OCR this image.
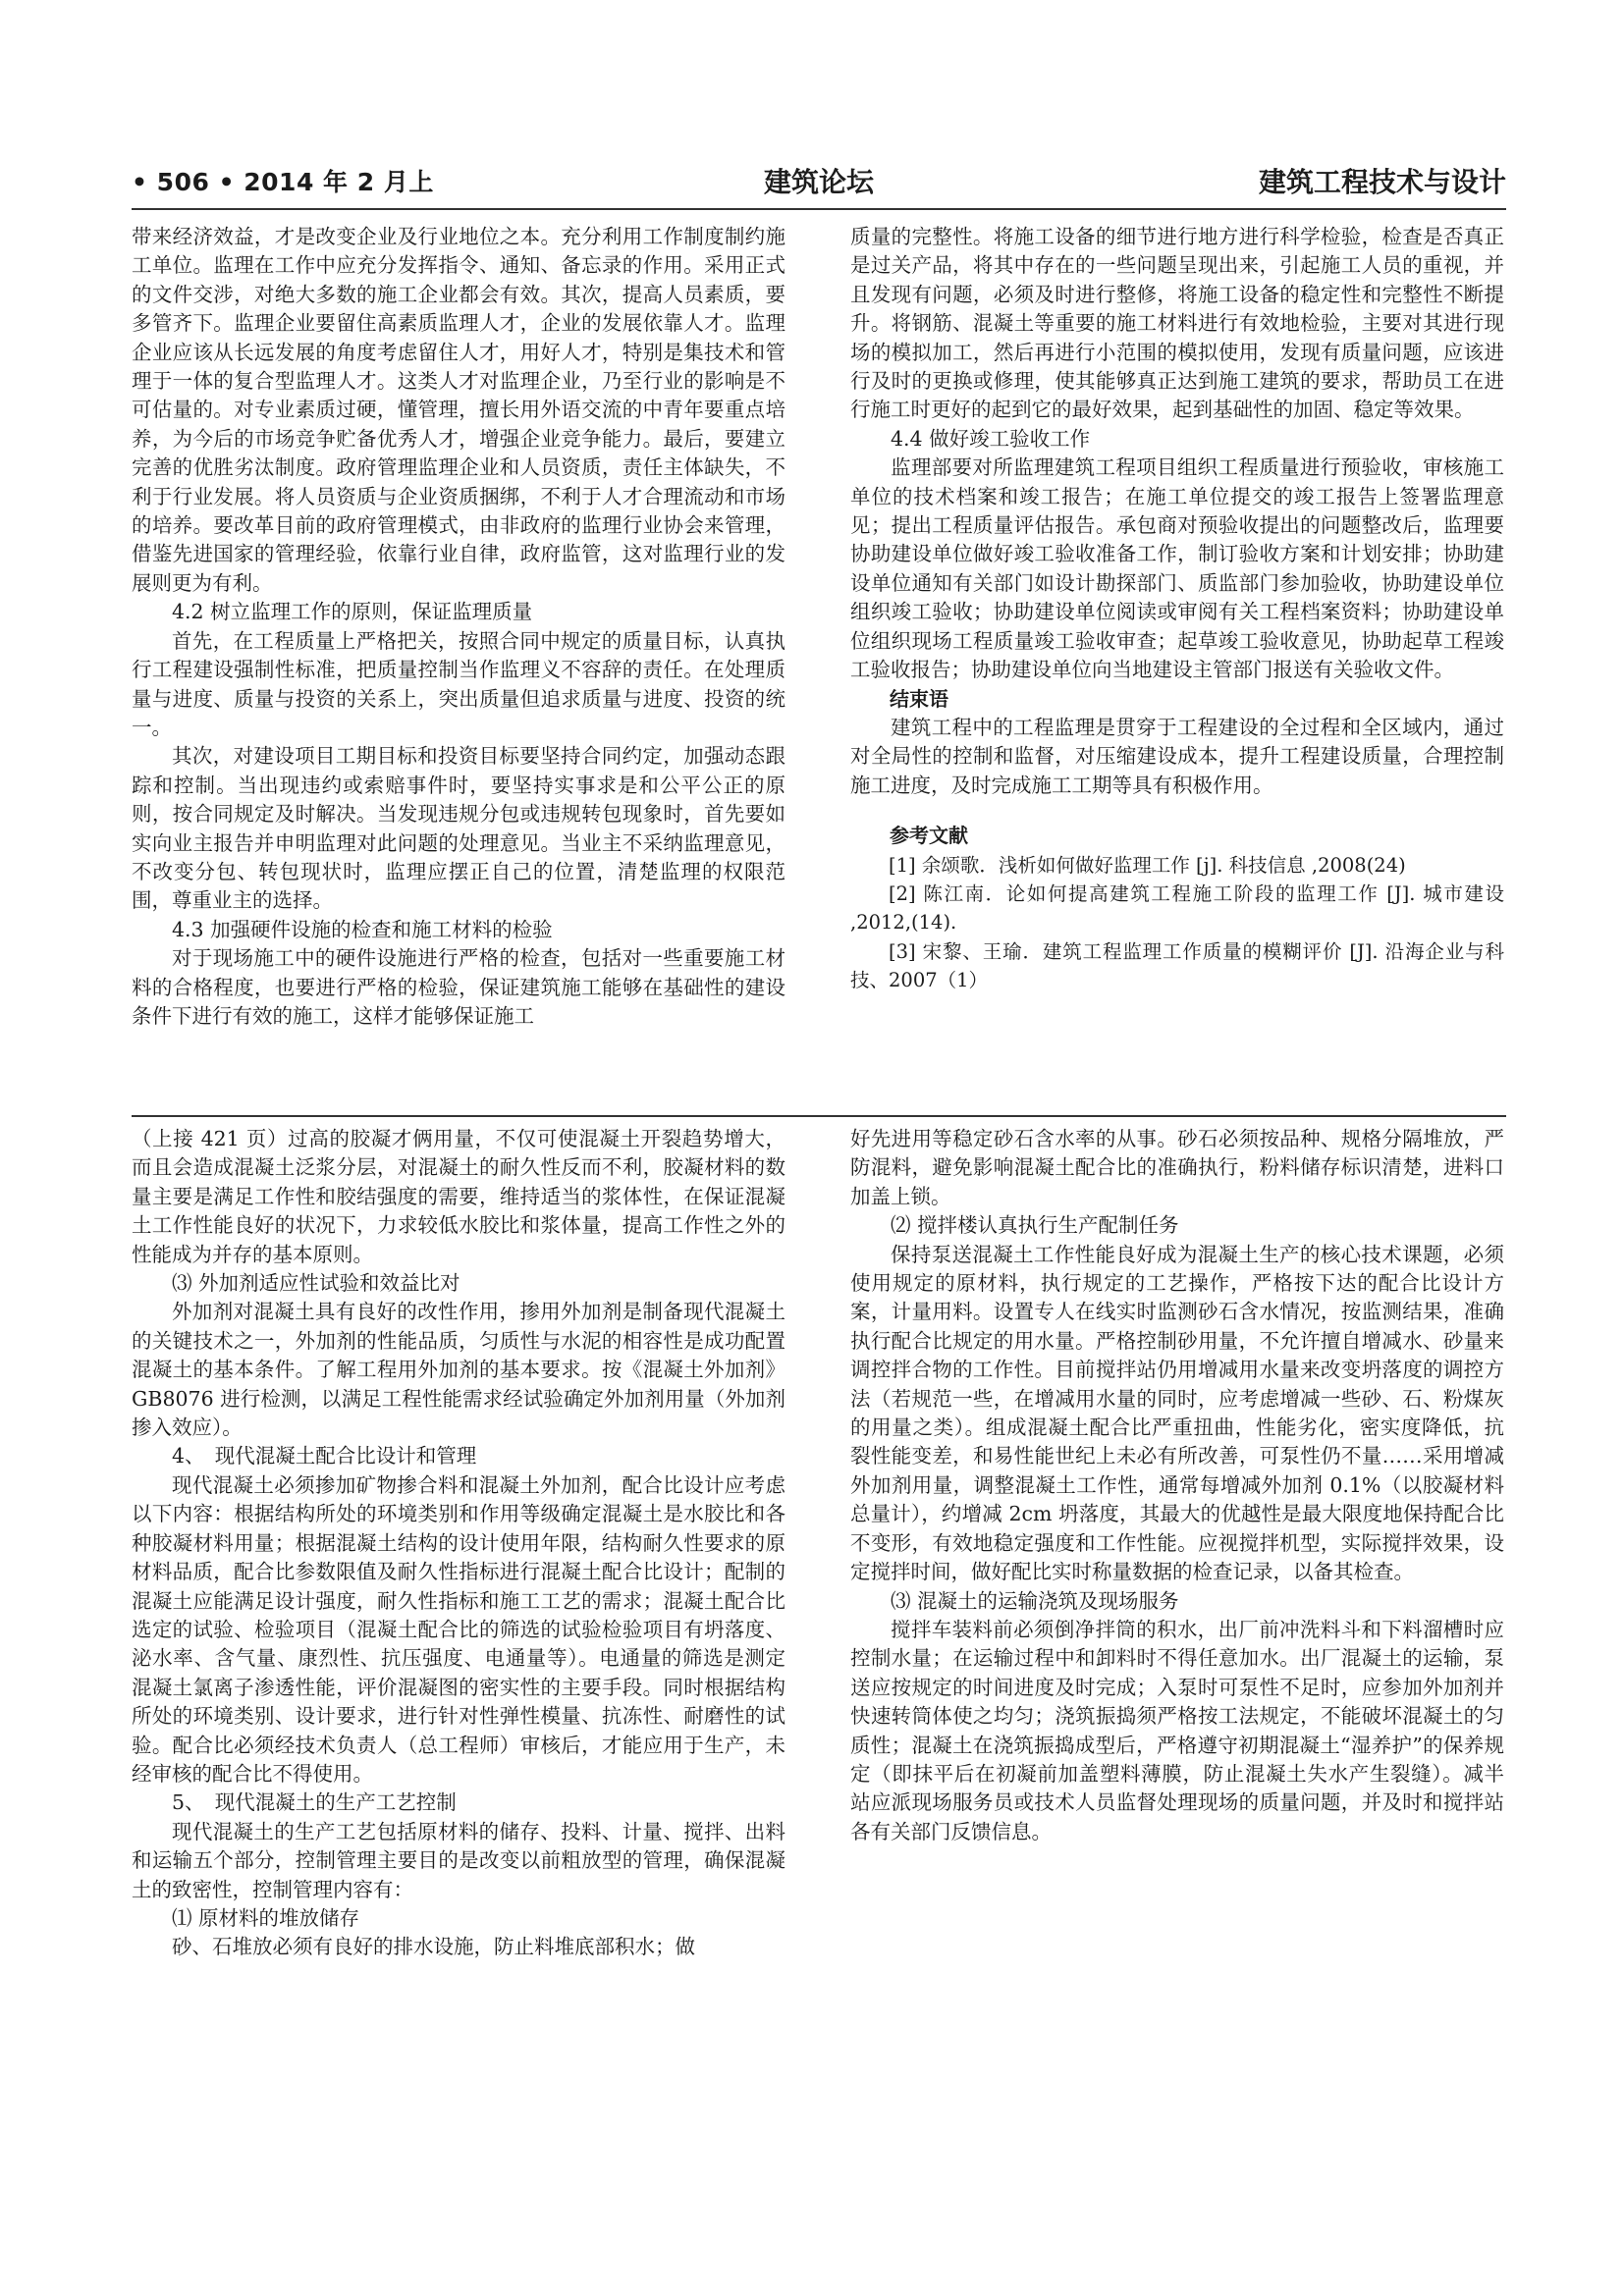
• 506 • 2014 年 2 月上	建筑论坛	建筑工程技术与设计

带来经济效益，才是改变企业及行业地位之本。充分利用工作制度制约施工单位。监理在工作中应充分发挥指令、通知、备忘录的作用。采用正式的文件交涉，对绝大多数的施工企业都会有效。其次，提高人员素质，要多管齐下。监理企业要留住高素质监理人才，企业的发展依靠人才。监理企业应该从长远发展的角度考虑留住人才，用好人才，特别是集技术和管理于一体的复合型监理人才。这类人才对监理企业，乃至行业的影响是不可估量的。对专业素质过硬，懂管理，擅长用外语交流的中青年要重点培养，为今后的市场竞争贮备优秀人才，增强企业竞争能力。最后，要建立完善的优胜劣汰制度。政府管理监理企业和人员资质，责任主体缺失，不利于行业发展。将人员资质与企业资质捆绑，不利于人才合理流动和市场的培养。要改革目前的政府管理模式，由非政府的监理行业协会来管理，借鉴先进国家的管理经验，依靠行业自律，政府监管，这对监理行业的发展则更为有利。

4.2 树立监理工作的原则，保证监理质量

首先，在工程质量上严格把关，按照合同中规定的质量目标，认真执行工程建设强制性标准，把质量控制当作监理义不容辞的责任。在处理质量与进度、质量与投资的关系上，突出质量但追求质量与进度、投资的统一。

其次，对建设项目工期目标和投资目标要坚持合同约定，加强动态跟踪和控制。当出现违约或索赔事件时，要坚持实事求是和公平公正的原则，按合同规定及时解决。当发现违规分包或违规转包现象时，首先要如实向业主报告并申明监理对此问题的处理意见。当业主不采纳监理意见，不改变分包、转包现状时，监理应摆正自己的位置，清楚监理的权限范围，尊重业主的选择。

4.3 加强硬件设施的检查和施工材料的检验

对于现场施工中的硬件设施进行严格的检查，包括对一些重要施工材料的合格程度，也要进行严格的检验，保证建筑施工能够在基础性的建设条件下进行有效的施工，这样才能够保证施工

质量的完整性。将施工设备的细节进行地方进行科学检验，检查是否真正是过关产品，将其中存在的一些问题呈现出来，引起施工人员的重视，并且发现有问题，必须及时进行整修，将施工设备的稳定性和完整性不断提升。将钢筋、混凝土等重要的施工材料进行有效地检验，主要对其进行现场的模拟加工，然后再进行小范围的模拟使用，发现有质量问题，应该进行及时的更换或修理，使其能够真正达到施工建筑的要求，帮助员工在进行施工时更好的起到它的最好效果，起到基础性的加固、稳定等效果。

4.4 做好竣工验收工作

监理部要对所监理建筑工程项目组织工程质量进行预验收，审核施工单位的技术档案和竣工报告；在施工单位提交的竣工报告上签署监理意见；提出工程质量评估报告。承包商对预验收提出的问题整改后，监理要协助建设单位做好竣工验收准备工作，制订验收方案和计划安排；协助建设单位通知有关部门如设计勘探部门、质监部门参加验收，协助建设单位组织竣工验收；协助建设单位阅读或审阅有关工程档案资料；协助建设单位组织现场工程质量竣工验收审查；起草竣工验收意见，协助起草工程竣工验收报告；协助建设单位向当地建设主管部门报送有关验收文件。

结束语

建筑工程中的工程监理是贯穿于工程建设的全过程和全区域内，通过对全局性的控制和监督，对压缩建设成本，提升工程建设质量，合理控制施工进度，及时完成施工工期等具有积极作用。

参考文献

[1] 余颂歌．浅析如何做好监理工作 [j]. 科技信息 ,2008(24)

[2] 陈江南．论如何提高建筑工程施工阶段的监理工作 [J]. 城市建设 ,2012,(14).

[3] 宋黎、王瑜．建筑工程监理工作质量的模糊评价 [J]. 沿海企业与科技、2007（1）

（上接 421 页）过高的胶凝才俩用量，不仅可使混凝土开裂趋势增大，而且会造成混凝土泛浆分层，对混凝土的耐久性反而不利，胶凝材料的数量主要是满足工作性和胶结强度的需要，维持适当的浆体性，在保证混凝土工作性能良好的状况下，力求较低水胶比和浆体量，提高工作性之外的性能成为并存的基本原则。

⑶ 外加剂适应性试验和效益比对

外加剂对混凝土具有良好的改性作用，掺用外加剂是制备现代混凝土的关键技术之一，外加剂的性能品质，匀质性与水泥的相容性是成功配置混凝土的基本条件。了解工程用外加剂的基本要求。按《混凝土外加剂》GB8076 进行检测，以满足工程性能需求经试验确定外加剂用量（外加剂掺入效应）。

4、　现代混凝土配合比设计和管理

现代混凝土必须掺加矿物掺合料和混凝土外加剂，配合比设计应考虑以下内容：根据结构所处的环境类别和作用等级确定混凝土是水胶比和各种胶凝材料用量；根据混凝土结构的设计使用年限，结构耐久性要求的原材料品质，配合比参数限值及耐久性指标进行混凝土配合比设计；配制的混凝土应能满足设计强度，耐久性指标和施工工艺的需求；混凝土配合比选定的试验、检验项目（混凝土配合比的筛选的试验检验项目有坍落度、泌水率、含气量、康烈性、抗压强度、电通量等）。电通量的筛选是测定混凝土氯离子渗透性能，评价混凝图的密实性的主要手段。同时根据结构所处的环境类别、设计要求，进行针对性弹性模量、抗冻性、耐磨性的试验。配合比必须经技术负责人（总工程师）审核后，才能应用于生产，未经审核的配合比不得使用。

5、　现代混凝土的生产工艺控制

现代混凝土的生产工艺包括原材料的储存、投料、计量、搅拌、出料和运输五个部分，控制管理主要目的是改变以前粗放型的管理，确保混凝土的致密性，控制管理内容有：

⑴ 原材料的堆放储存

砂、石堆放必须有良好的排水设施，防止料堆底部积水；做

好先进用等稳定砂石含水率的从事。砂石必须按品种、规格分隔堆放，严防混料，避免影响混凝土配合比的准确执行，粉料储存标识清楚，进料口加盖上锁。

⑵ 搅拌楼认真执行生产配制任务

保持泵送混凝土工作性能良好成为混凝土生产的核心技术课题，必须使用规定的原材料，执行规定的工艺操作，严格按下达的配合比设计方案，计量用料。设置专人在线实时监测砂石含水情况，按监测结果，准确执行配合比规定的用水量。严格控制砂用量，不允许擅自增减水、砂量来调控拌合物的工作性。目前搅拌站仍用增减用水量来改变坍落度的调控方法（若规范一些，在增减用水量的同时，应考虑增减一些砂、石、粉煤灰的用量之类）。组成混凝土配合比严重扭曲，性能劣化，密实度降低，抗裂性能变差，和易性能世纪上未必有所改善，可泵性仍不量……采用增减外加剂用量，调整混凝土工作性，通常每增减外加剂 0.1%（以胶凝材料总量计），约增减 2cm 坍落度，其最大的优越性是最大限度地保持配合比不变形，有效地稳定强度和工作性能。应视搅拌机型，实际搅拌效果，设定搅拌时间，做好配比实时称量数据的检查记录，以备其检查。

⑶ 混凝土的运输浇筑及现场服务

搅拌车装料前必须倒净拌筒的积水，出厂前冲洗料斗和下料溜槽时应控制水量；在运输过程中和卸料时不得任意加水。出厂混凝土的运输，泵送应按规定的时间进度及时完成；入泵时可泵性不足时，应参加外加剂并快速转筒体使之均匀；浇筑振捣须严格按工法规定，不能破坏混凝土的匀质性；混凝土在浇筑振捣成型后，严格遵守初期混凝土“湿养护”的保养规定（即抹平后在初凝前加盖塑料薄膜，防止混凝土失水产生裂缝）。减半站应派现场服务员或技术人员监督处理现场的质量问题，并及时和搅拌站各有关部门反馈信息。
